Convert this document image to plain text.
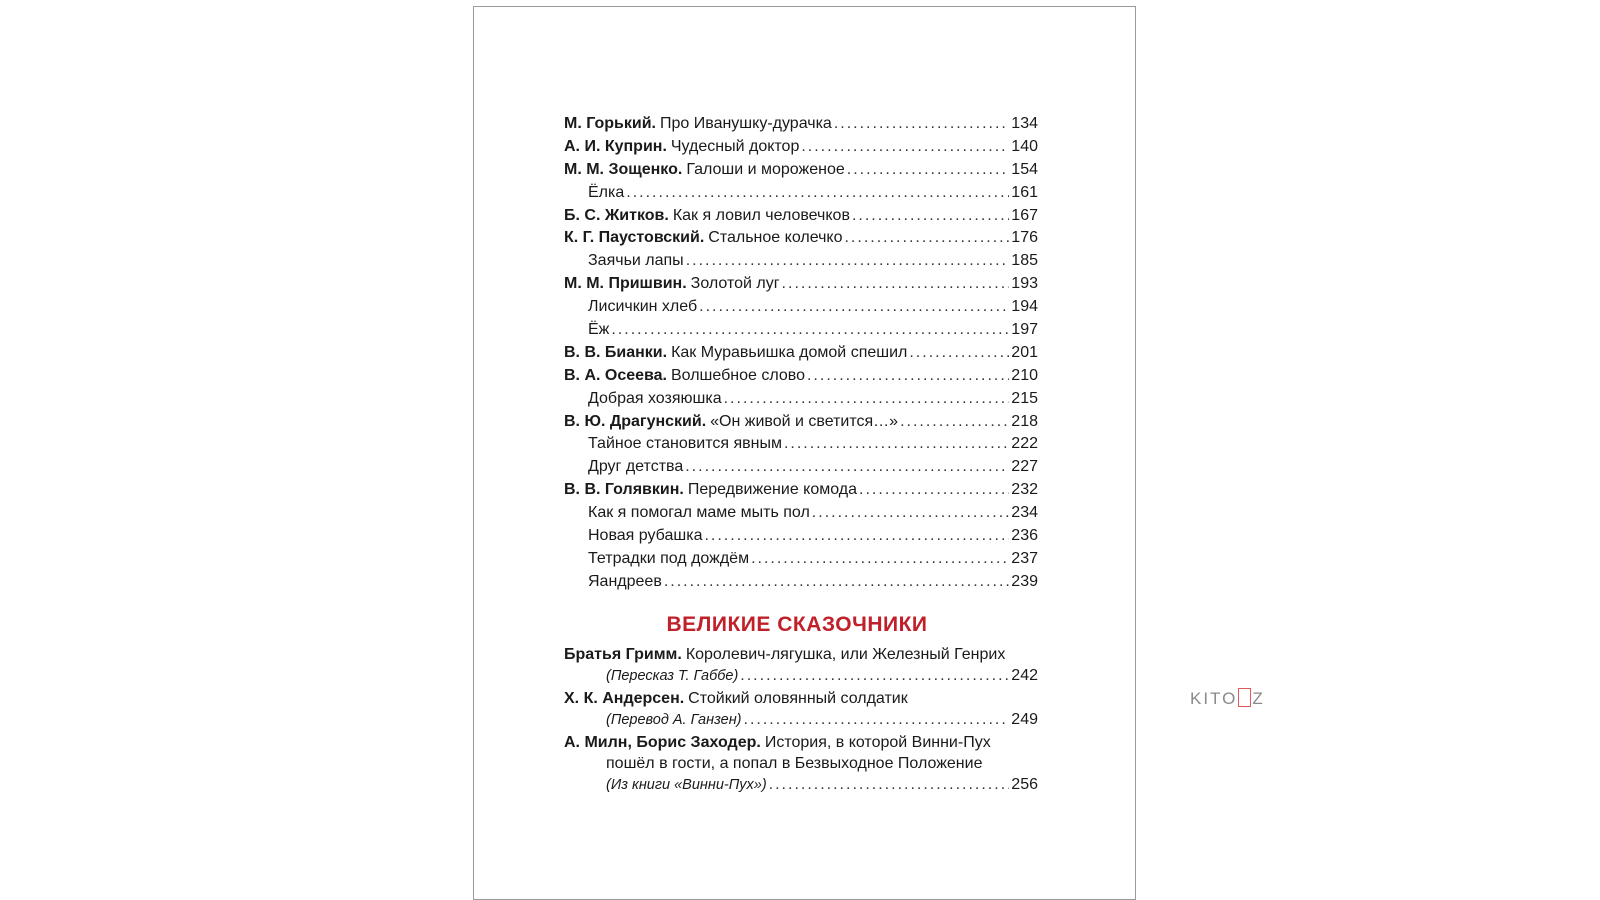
М. Горький. Про Иванушку-дурачка .....	134
А. И. Куприн. Чудесный доктор .....	140
М. М. Зощенко. Галоши и мороженое .....	154
Ёлка .....	161
Б. С. Житков. Как я ловил человечков .....	167
К. Г. Паустовский. Стальное колечко .....	176
Заячьи лапы .....	185
М. М. Пришвин. Золотой луг .....	193
Лисичкин хлеб .....	194
Ёж .....	197
В. В. Бианки. Как Муравьишка домой спешил .....	201
В. А. Осеева. Волшебное слово .....	210
Добрая хозяюшка .....	215
В. Ю. Драгунский. «Он живой и светится…» .....	218
Тайное становится явным .....	222
Друг детства .....	227
В. В. Голявкин. Передвижение комода .....	232
Как я помогал маме мыть пол .....	234
Новая рубашка .....	236
Тетрадки под дождём .....	237
Яандреев .....	239
ВЕЛИКИЕ СКАЗОЧНИКИ
Братья Гримм. Королевич-лягушка, или Железный Генрих
(Пересказ Т. Габбе) .....	242
Х. К. Андерсен. Стойкий оловянный солдатик
(Перевод А. Ганзен) .....	249
А. Милн, Борис Заходер. История, в которой Винни-Пух
пошёл в гости, а попал в Безвыходное Положение
(Из книги «Винни-Пух») .....	256
KITO Z
